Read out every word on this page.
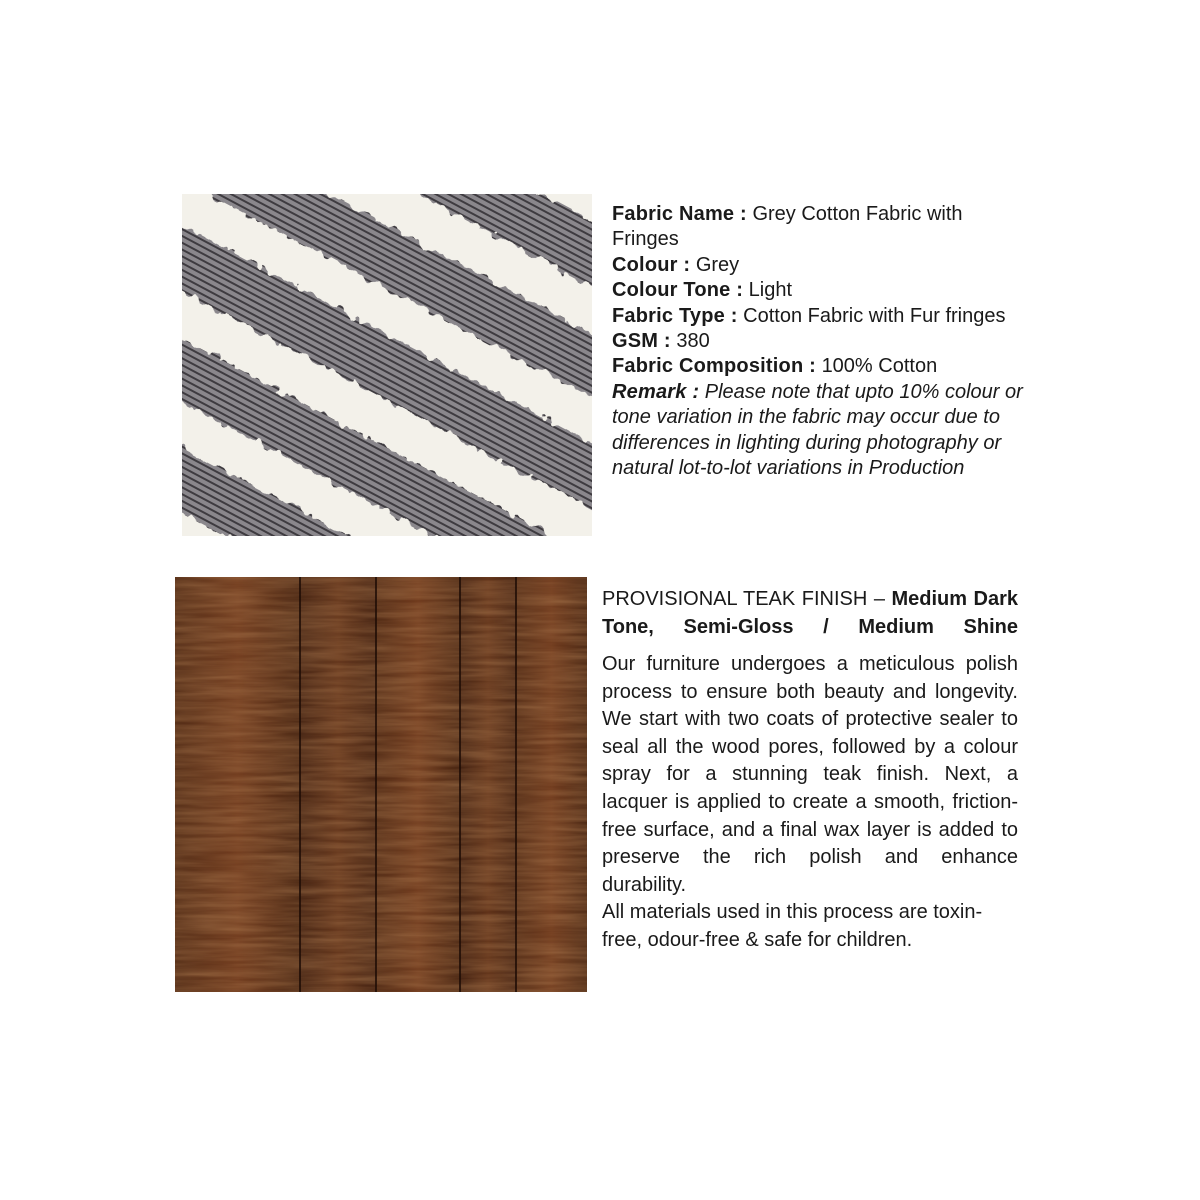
Fabric Name : Grey Cotton Fabric with Fringes

Colour : Grey

Colour Tone : Light

Fabric Type : Cotton Fabric with Fur fringes

GSM : 380

Fabric Composition : 100% Cotton

Remark : Please note that upto 10% colour or tone variation in the fabric may occur due to differences in lighting during photography or natural lot-to-lot variations in Production

PROVISIONAL TEAK FINISH – Medium Dark Tone, Semi-Gloss / Medium Shine

Our furniture undergoes a meticulous polish process to ensure both beauty and longevity. We start with two coats of protective sealer to seal all the wood pores, followed by a colour spray for a stunning teak finish. Next, a lacquer is applied to create a smooth, friction-free surface, and a final wax layer is added to preserve the rich polish and enhance durability.

All materials used in this process are toxin-free, odour-free & safe for children.
